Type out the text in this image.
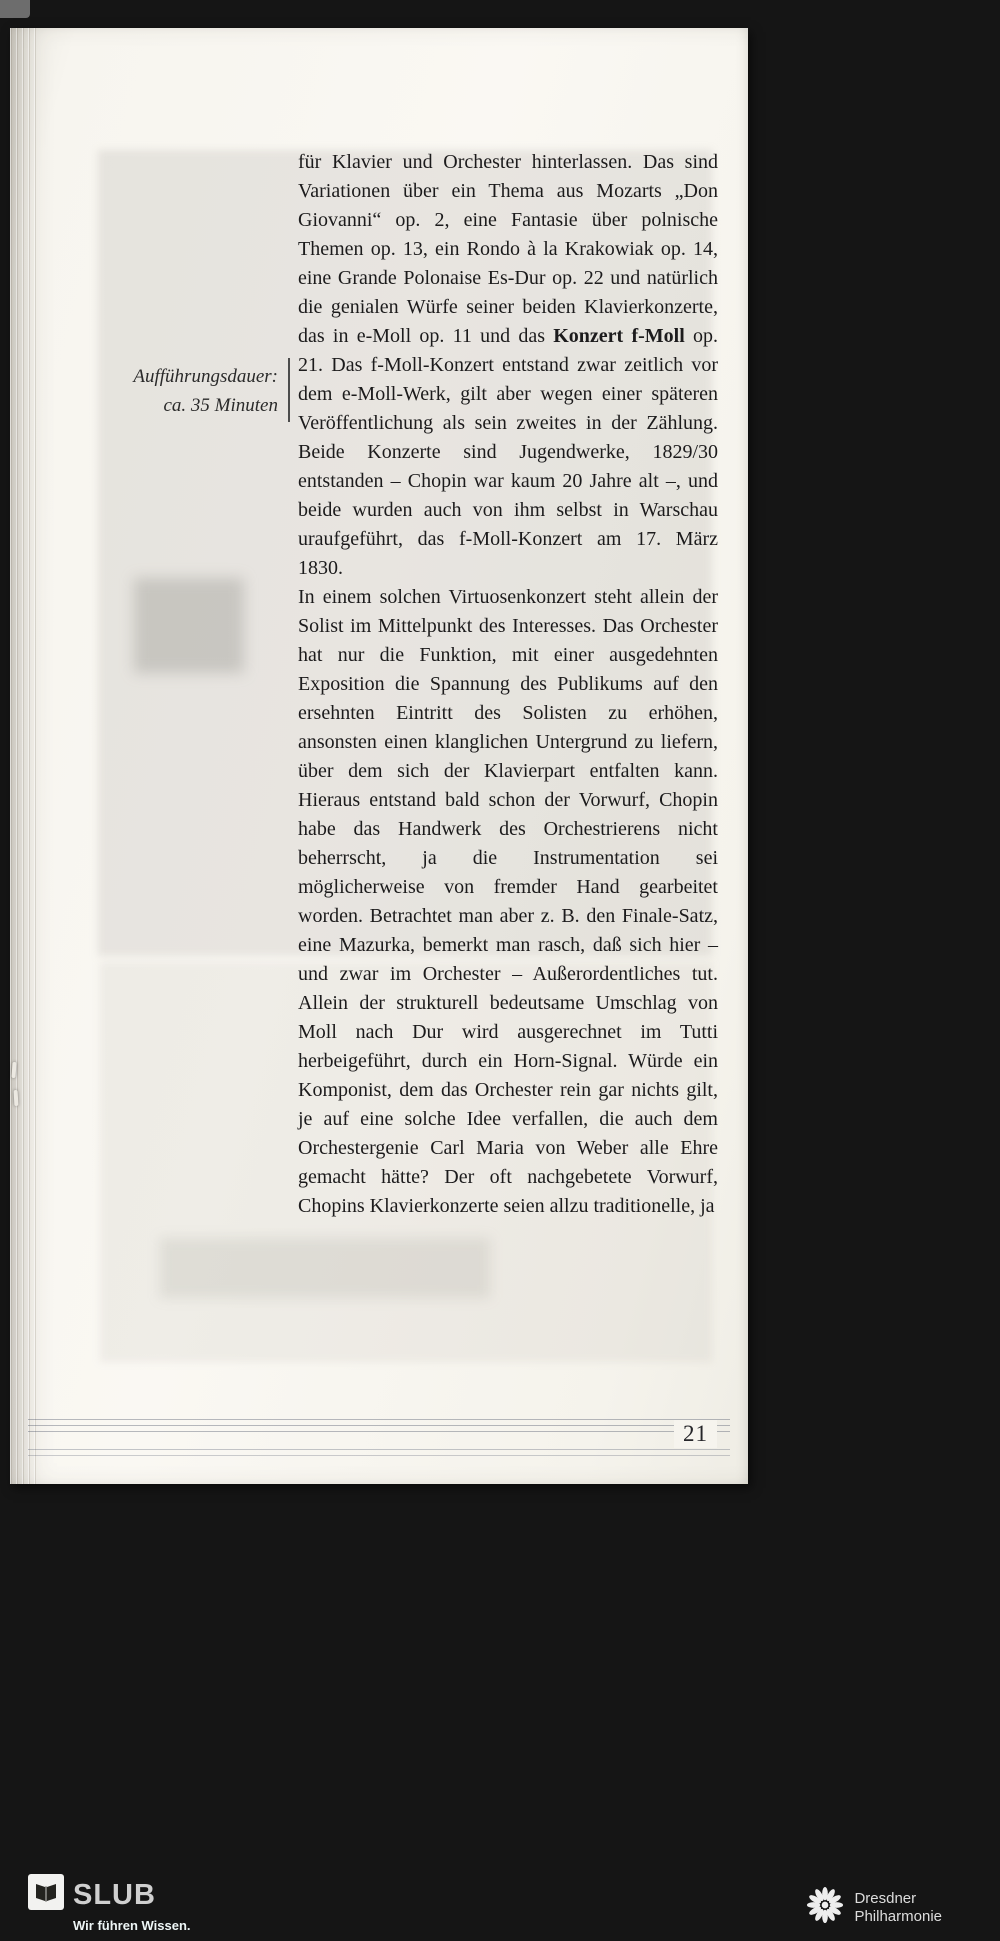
Aufführungsdauer:
ca. 35 Minuten

für Klavier und Orchester hinterlassen. Das sind Variationen über ein Thema aus Mozarts „Don Giovanni“ op. 2, eine Fantasie über polnische Themen op. 13, ein Rondo à la Krakowiak op. 14, eine Grande Polonaise Es-Dur op. 22 und natürlich die genialen Würfe seiner beiden Klavierkonzerte, das in e-Moll op. 11 und das Konzert f-Moll op. 21. Das f-Moll-Konzert entstand zwar zeitlich vor dem e-Moll-Werk, gilt aber wegen einer späteren Veröffentlichung als sein zweites in der Zählung. Beide Konzerte sind Jugendwerke, 1829/30 entstanden – Chopin war kaum 20 Jahre alt –, und beide wurden auch von ihm selbst in Warschau uraufgeführt, das f-Moll-Konzert am 17. März 1830.

In einem solchen Virtuosenkonzert steht allein der Solist im Mittelpunkt des Interesses. Das Orchester hat nur die Funktion, mit einer ausgedehnten Exposition die Spannung des Publikums auf den ersehnten Eintritt des Solisten zu erhöhen, ansonsten einen klanglichen Untergrund zu liefern, über dem sich der Klavierpart entfalten kann. Hieraus entstand bald schon der Vorwurf, Chopin habe das Handwerk des Orchestrierens nicht beherrscht, ja die Instrumentation sei möglicherweise von fremder Hand gearbeitet worden. Betrachtet man aber z. B. den Finale-Satz, eine Mazurka, bemerkt man rasch, daß sich hier – und zwar im Orchester – Außerordentliches tut. Allein der strukturell bedeutsame Umschlag von Moll nach Dur wird ausgerechnet im Tutti herbeigeführt, durch ein Horn-Signal. Würde ein Komponist, dem das Orchester rein gar nichts gilt, je auf eine solche Idee verfallen, die auch dem Orchestergenie Carl Maria von Weber alle Ehre gemacht hätte? Der oft nachgebetete Vorwurf, Chopins Klavierkonzerte seien allzu traditionelle, ja

21
SLUB
Wir führen Wissen.
Dresdner
Philharmonie
